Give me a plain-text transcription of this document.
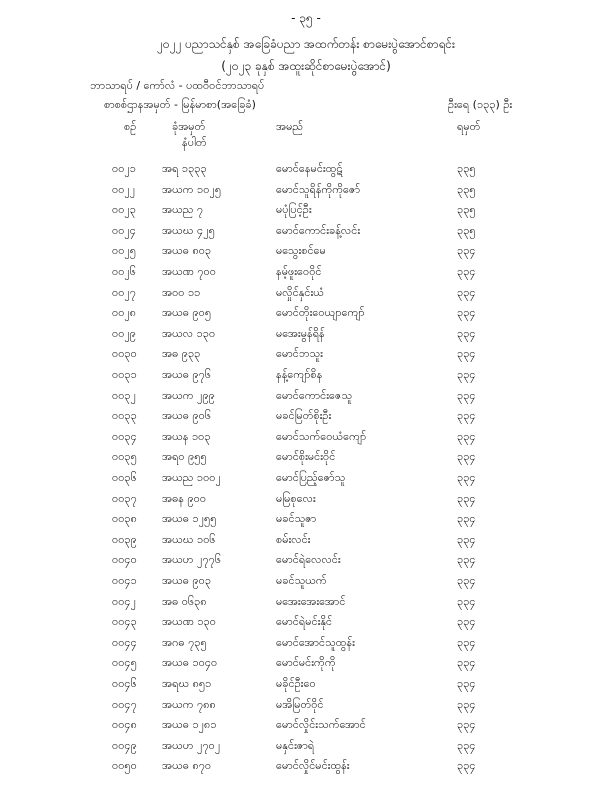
- ၃၅ -
၂၀၂၂ ပညာသင်နှစ် အခြေခံပညာ အထက်တန်း စာမေးပွဲအောင်စာရင်း
(၂၀၂၃ ခုနှစ် အထူးဆိုင်စာမေးပွဲအောင်)
ဘာသာရပ် / ကော်လံ - ပထဝီဝင်ဘာသာရပ်
စာစစ်ဌာနအမှတ် - မြန်မာစာ(အခြေခံ)	ဦးရေ (၁၃၃) ဦး
စဉ်	ခုံအမှတ်
နံပါတ်
အမည်	ရမှတ်
၀၀၂၁ အရ ၁၃၃၃	မောင်နေမင်းထွဋ်	၃၃၅
၀၀၂၂ အယက ၁၀၂၅	မောင်သူရိန်ကိုကိုဇော်	၃၃၅
၀၀၂၃ အယည ၇	မပုံပြင့်ဦး	၃၃၅
၀၀၂၄ အယဃ ၄၂၅	မောင်ကောင်းခန့်လင်း	၃၃၅
၀၀၂၅ အယဓ ၈၀၃	မသွေးစင်မေ	၃၃၄
၀၀၂၆ အယဏ ၇၀၀	နမ့်ဖူးဝေဝိုင်	၃၃၄
၀၀၂၇ အဝဝ ၁၁	မလှိုင်နှင်းယံ	၃၃၄
၀၀၂၈ အယဓ ၉၀၅	မောင်တိုးဝေယျာကျော်	၃၃၄
၀၀၂၉ အယလ ၁၃၀	မအေးမွန်ရိန်	၃၃၄
၀၀၃၀ အဓ ၉၃၃	မောင်ဘသူး	၃၃၄
၀၀၃၁ အယဓ ၉၇၆	နန့်ကျော်စိန	၃၃၄
၀၀၃၂ အယက ၂၉၉	မောင်ကောင်းဇေသူ	၃၃၄
၀၀၃၃ အယဓ ၉၀၆	မခင်မြတ်စိုးဦး	၃၃၄
၀၀၃၄ အယန ၁၀၃	မောင်သက်ဝေယံကျော်	၃၃၄
၀၀၃၅ အရဝ ၉၅၅	မောင်စိုးမင်းဝိုင်	၃၃၄
၀၀၃၆ အယည ၁၀၀၂	မောင်ပြည့်ဇော်သူ	၃၃၄
၀၀၃၇ အဓန ၉၀၀	မမြစုလေး	၃၃၄
၀၀၃၈ အယဓ ၁၂၅၅	မခင်သူဇာ	၃၃၄
၀၀၃၉ အယဃ ၁၀၆	စမ်းလင်း	၃၃၄
၀၀၄၀ အယဟ ၂၇၇၆	မောင်ရဲလေလင်း	၃၃၄
၀၀၄၁ အယဓ ၉၀၃	မခင်သူယက်	၃၃၄
၀၀၄၂ အဓ ၀၆၃၈	မအေးအေးအောင်	၃၃၄
၀၀၄၃ အယဏ ၁၃၀	မောင်ရဲမင်းနိုင်	၃၃၄
၀၀၄၄ အဂဓ ၇၃၅	မောင်အောင်သူထွန်း	၃၃၄
၀၀၄၅ အယဓ ၁၀၄၀	မောင်မင်းကိုကို	၃၃၄
၀၀၄၆ အရဃ ၈၅၁	မခိုင်ဦးဝေ	၃၃၄
၀၀၄၇ အယက ၇၈၈	မအိမြတ်ဝိုင်	၃၃၄
၀၀၄၈ အယဓ ၁၂၈၁	မောင်လှိုင်းသက်အောင်	၃၃၄
၀၀၄၉ အယဟ ၂၇၀၂	မနှင်းဇာရဲ	၃၃၄
၀၀၅၀ အယဓ ၈၇၀	မောင်လှိုင်မင်းထွန်း	၃၃၄
